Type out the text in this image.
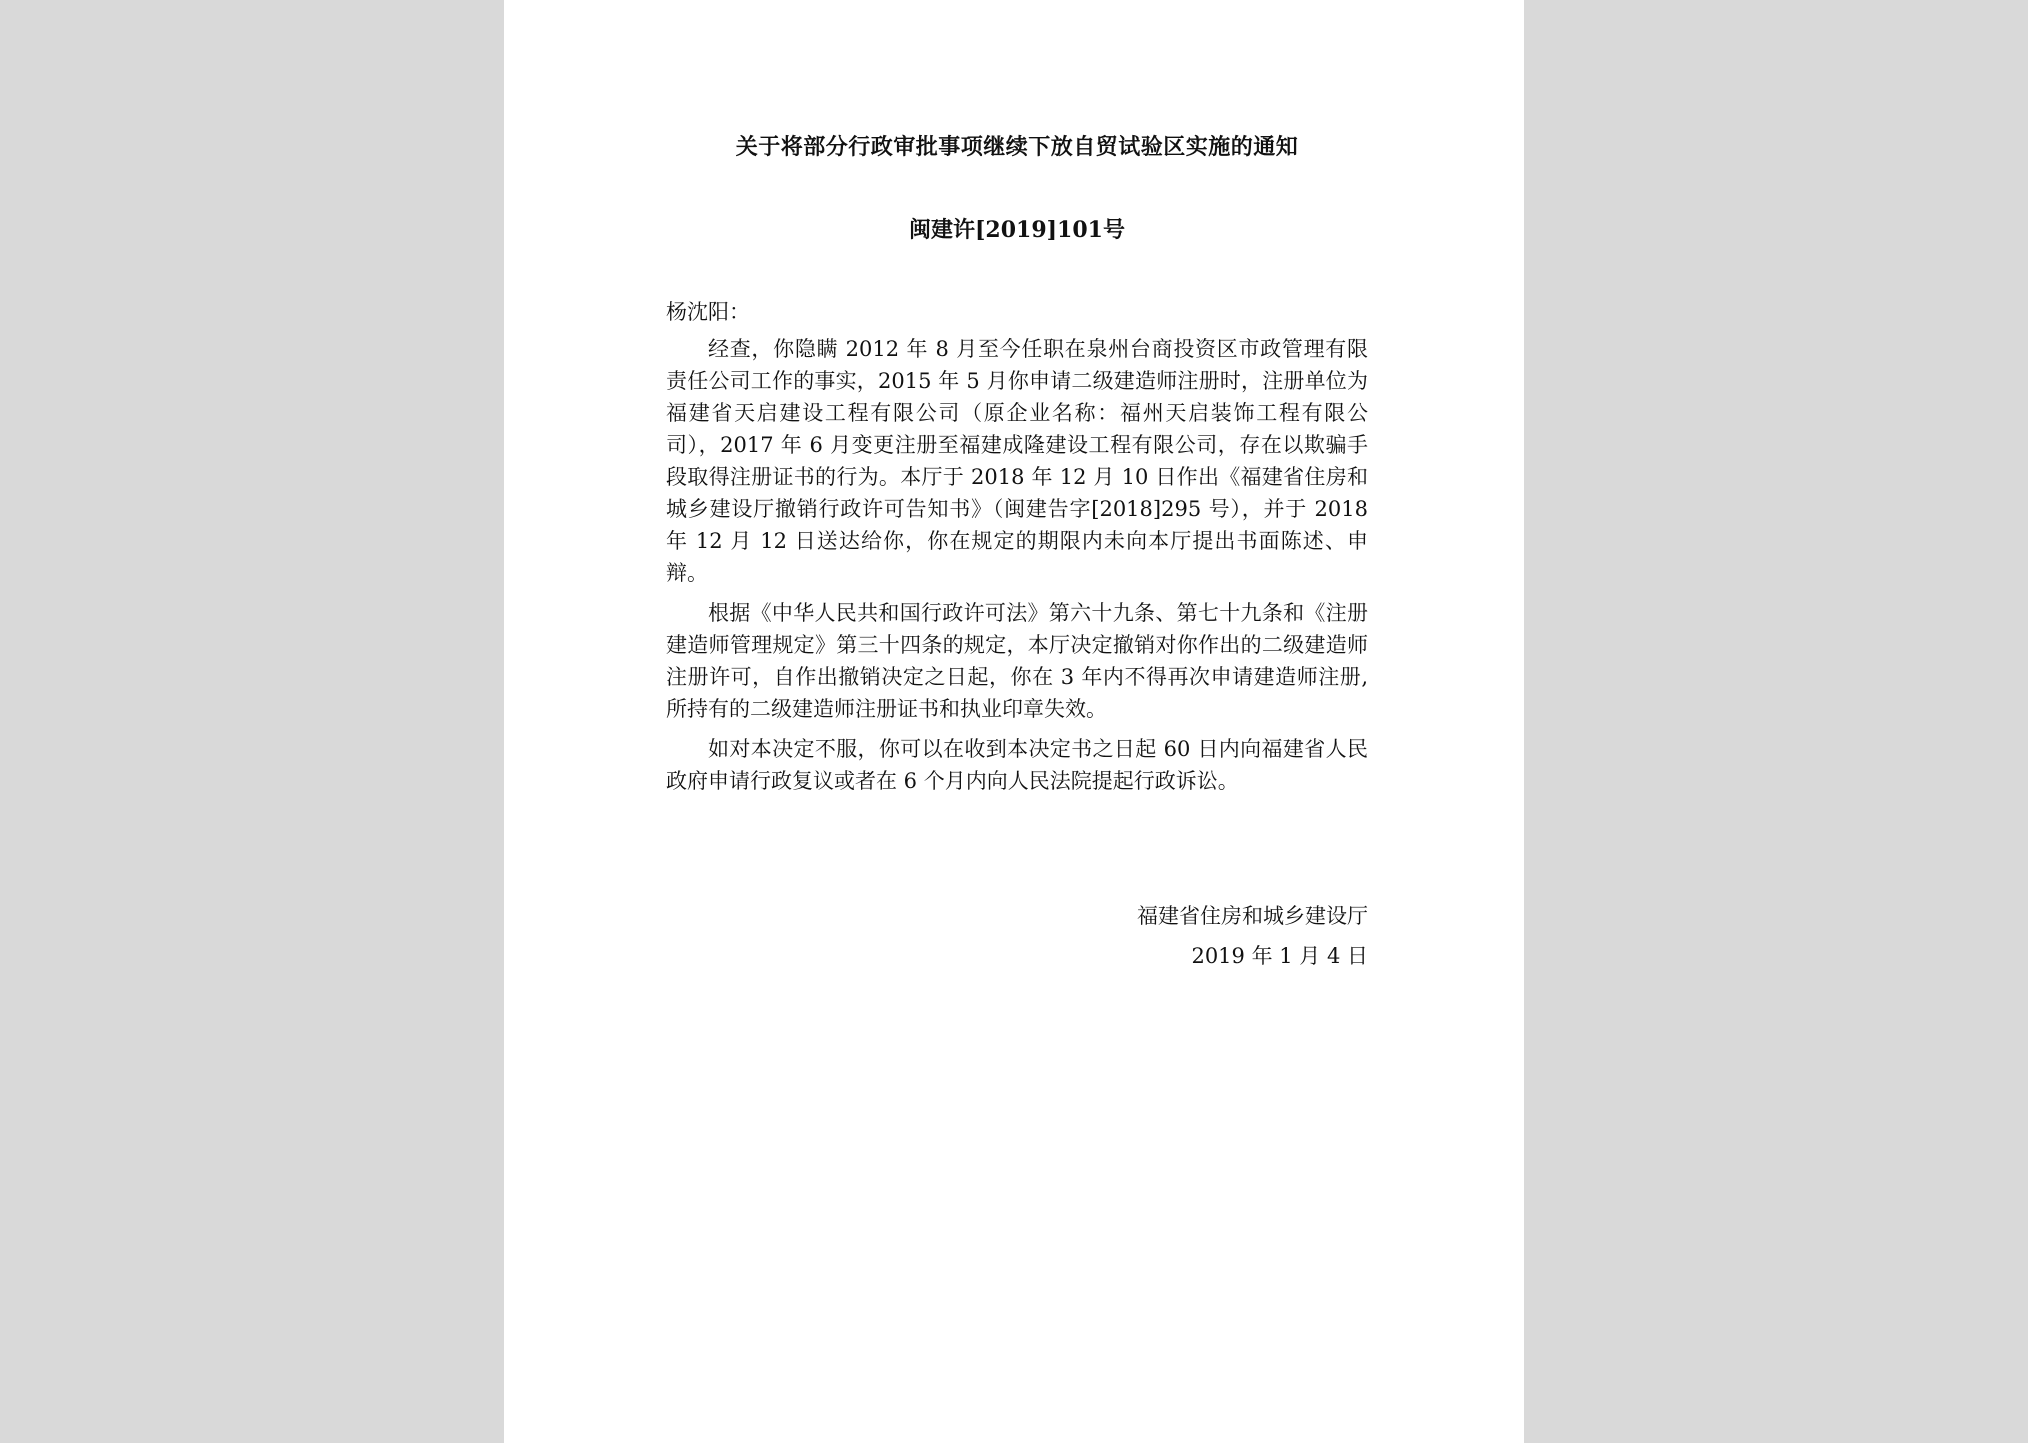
关于将部分行政审批事项继续下放自贸试验区实施的通知
闽建许[2019]101号
杨沈阳：

经查，你隐瞒 2012 年 8 月至今任职在泉州台商投资区市政管理有限责任公司工作的事实，2015 年 5 月你申请二级建造师注册时，注册单位为福建省天启建设工程有限公司（原企业名称：福州天启装饰工程有限公司），2017 年 6 月变更注册至福建成隆建设工程有限公司，存在以欺骗手段取得注册证书的行为。本厅于 2018 年 12 月 10 日作出《福建省住房和城乡建设厅撤销行政许可告知书》（闽建告字[2018]295 号），并于 2018 年 12 月 12 日送达给你，你在规定的期限内未向本厅提出书面陈述、申辩。

根据《中华人民共和国行政许可法》第六十九条、第七十九条和《注册建造师管理规定》第三十四条的规定，本厅决定撤销对你作出的二级建造师注册许可，自作出撤销决定之日起，你在 3 年内不得再次申请建造师注册,所持有的二级建造师注册证书和执业印章失效。

如对本决定不服，你可以在收到本决定书之日起 60 日内向福建省人民政府申请行政复议或者在 6 个月内向人民法院提起行政诉讼。

福建省住房和城乡建设厅
2019 年 1 月 4 日
